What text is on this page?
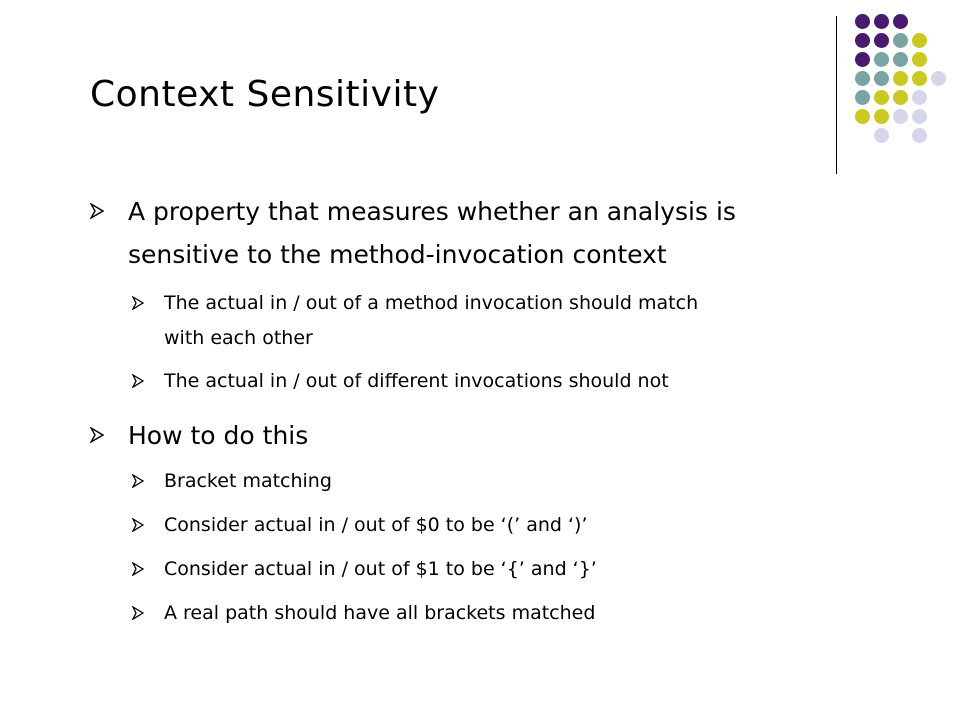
Context Sensitivity
A property that measures whether an analysis is
sensitive to the method-invocation context
The actual in / out of a method invocation should match
with each other
The actual in / out of different invocations should not
How to do this
Bracket matching
Consider actual in / out of $0 to be ‘(’ and ‘)’
Consider actual in / out of $1 to be ‘{’ and ‘}’
A real path should have all brackets matched
